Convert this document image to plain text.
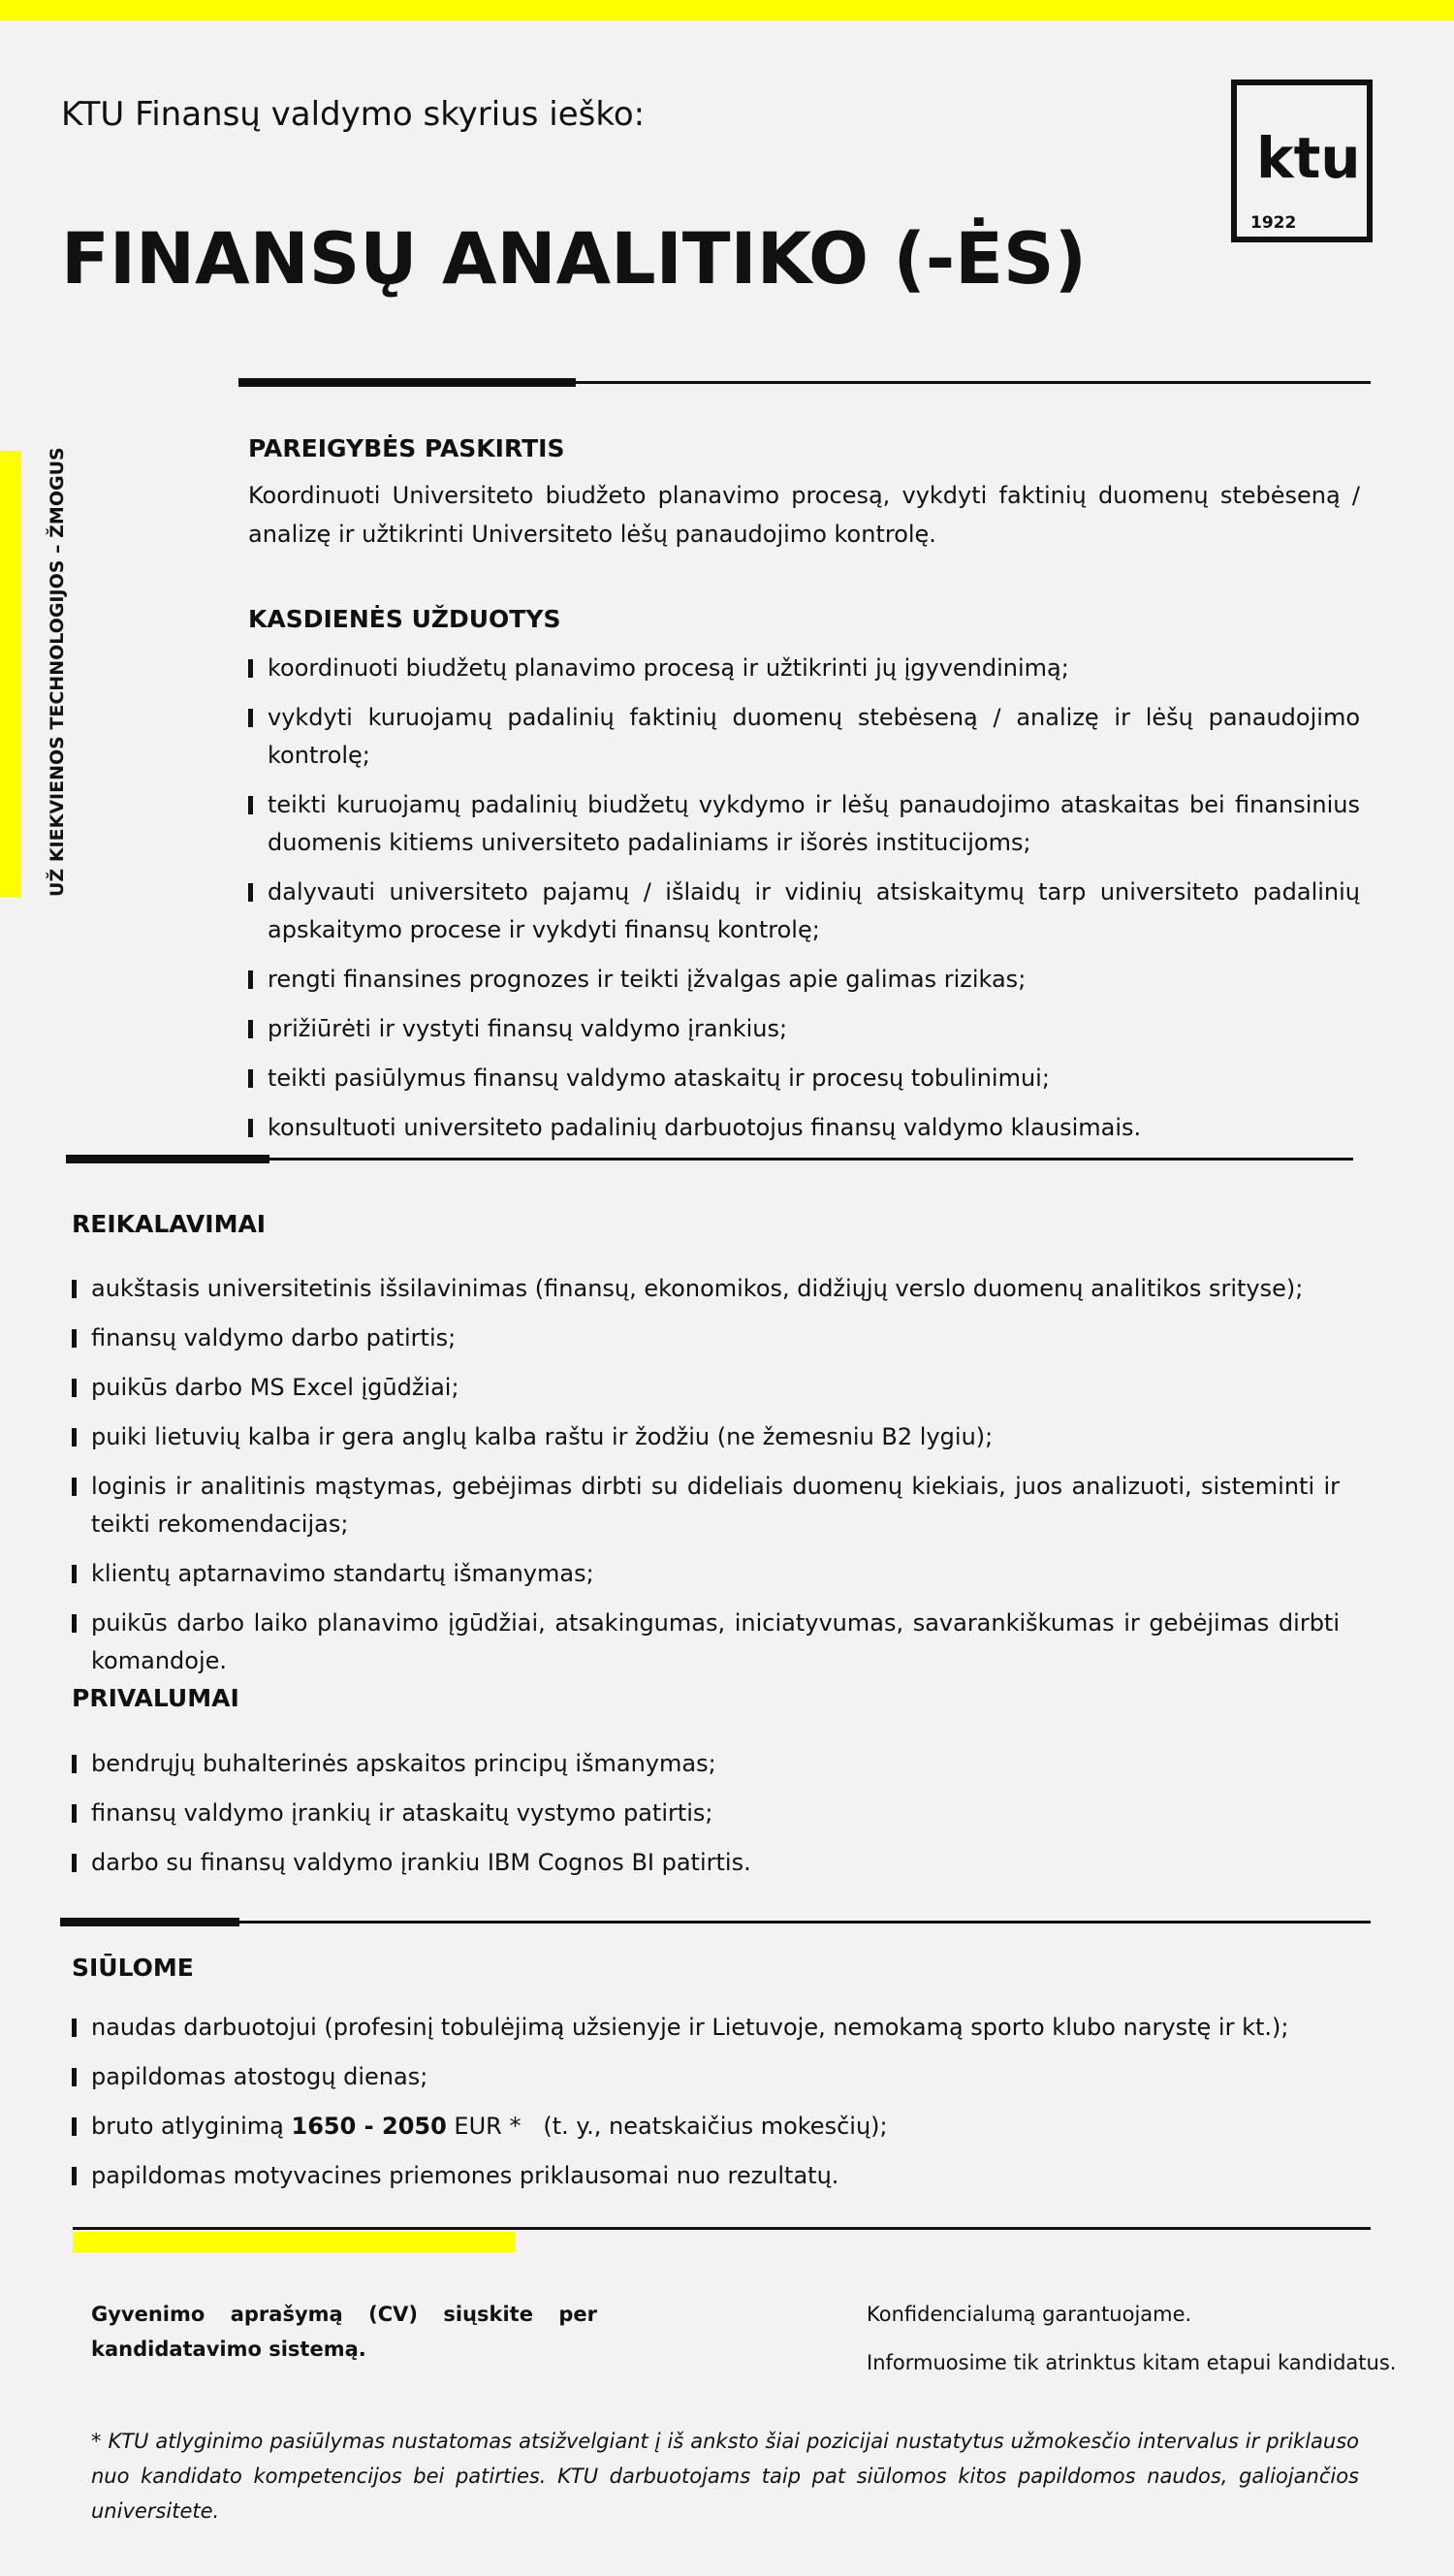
UŽ KIEKVIENOS TECHNOLOGIJOS – ŽMOGUS
KTU Finansų valdymo skyrius ieško:
FINANSŲ ANALITIKO (-ĖS)
ktu
1922
PAREIGYBĖS PASKIRTIS
Koordinuoti Universiteto biudžeto planavimo procesą, vykdyti faktinių duomenų stebėseną / analizę ir užtikrinti Universiteto lėšų panaudojimo kontrolę.
KASDIENĖS UŽDUOTYS
koordinuoti biudžetų planavimo procesą ir užtikrinti jų įgyvendinimą;
vykdyti kuruojamų padalinių faktinių duomenų stebėseną / analizę ir lėšų panaudojimo kontrolę;
teikti kuruojamų padalinių biudžetų vykdymo ir lėšų panaudojimo ataskaitas bei finansinius duomenis kitiems universiteto padaliniams ir išorės institucijoms;
dalyvauti universiteto pajamų / išlaidų ir vidinių atsiskaitymų tarp universiteto padalinių apskaitymo procese ir vykdyti finansų kontrolę;
rengti finansines prognozes ir teikti įžvalgas apie galimas rizikas;
prižiūrėti ir vystyti finansų valdymo įrankius;
teikti pasiūlymus finansų valdymo ataskaitų ir procesų tobulinimui;
konsultuoti universiteto padalinių darbuotojus finansų valdymo klausimais.
REIKALAVIMAI
aukštasis universitetinis išsilavinimas (finansų, ekonomikos, didžiųjų verslo duomenų analitikos srityse);
finansų valdymo darbo patirtis;
puikūs darbo MS Excel įgūdžiai;
puiki lietuvių kalba ir gera anglų kalba raštu ir žodžiu (ne žemesniu B2 lygiu);
loginis ir analitinis mąstymas, gebėjimas dirbti su dideliais duomenų kiekiais, juos analizuoti, sisteminti ir teikti rekomendacijas;
klientų aptarnavimo standartų išmanymas;
puikūs darbo laiko planavimo įgūdžiai, atsakingumas, iniciatyvumas, savarankiškumas ir gebėjimas dirbti komandoje.
PRIVALUMAI
bendrųjų buhalterinės apskaitos principų išmanymas;
finansų valdymo įrankių ir ataskaitų vystymo patirtis;
darbo su finansų valdymo įrankiu IBM Cognos BI patirtis.
SIŪLOME
naudas darbuotojui (profesinį tobulėjimą užsienyje ir Lietuvoje, nemokamą sporto klubo narystę ir kt.);
papildomas atostogų dienas;
bruto atlyginimą 1650 - 2050 EUR *   (t. y., neatskaičius mokesčių);
papildomas motyvacines priemones priklausomai nuo rezultatų.
Gyvenimo aprašymą (CV) siųskite per
kandidatavimo sistemą.
Konfidencialumą garantuojame.
Informuosime tik atrinktus kitam etapui kandidatus.
* KTU atlyginimo pasiūlymas nustatomas atsižvelgiant į iš anksto šiai pozicijai nustatytus užmokesčio intervalus ir priklauso nuo kandidato kompetencijos bei patirties. KTU darbuotojams taip pat siūlomos kitos papildomos naudos, galiojančios universitete.
